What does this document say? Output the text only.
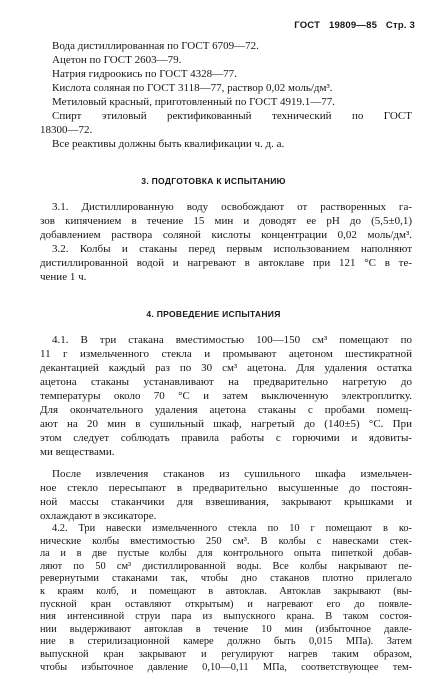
ГОСТ 19809—85 Стр. 3
Вода дистиллированная по ГОСТ 6709—72.
Ацетон по ГОСТ 2603—79.
Натрия гидроокись по ГОСТ 4328—77.
Кислота соляная по ГОСТ 3118—77, раствор 0,02 моль/дм³.
Метиловый красный, приготовленный по ГОСТ 4919.1—77.
Спирт этиловый ректификованный технический по ГОСТ
18300—72.
Все реактивы должны быть квалификации ч. д. а.
3. ПОДГОТОВКА К ИСПЫТАНИЮ
3.1. Дистиллированную воду освобождают от растворенных га-
зов кипячением в течение 15 мин и доводят ее pH до (5,5±0,1)
добавлением раствора соляной кислоты концентрации 0,02 моль/дм³.
3.2. Колбы и стаканы перед первым использованием наполняют
дистиллированной водой и нагревают в автоклаве при 121 °С в те-
чение 1 ч.
4. ПРОВЕДЕНИЕ ИСПЫТАНИЯ
4.1. В три стакана вместимостью 100—150 см³ помещают по
11 г измельченного стекла и промывают ацетоном шестикратной
декантацией каждый раз по 30 см³ ацетона. Для удаления остатка
ацетона стаканы устанавливают на предварительно нагретую до
температуры около 70 °С и затем выключенную электроплитку.
Для окончательного удаления ацетона стаканы с пробами помещ-
ают на 20 мин в сушильный шкаф, нагретый до (140±5) °С. При
этом следует соблюдать правила работы с горючими и ядовиты-
ми веществами.
После извлечения стаканов из сушильного шкафа измельчен-
ное стекло пересыпают в предварительно высушенные до постоян-
ной массы стаканчики для взвешивания, закрывают крышками и
охлаждают в эксикаторе.
4.2. Три навески измельченного стекла по 10 г помещают в ко-
нические колбы вместимостью 250 см³. В колбы с навесками стек-
ла и в две пустые колбы для контрольного опыта пипеткой добав-
ляют по 50 см³ дистиллированной воды. Все колбы накрывают пе-
ревернутыми стаканами так, чтобы дно стаканов плотно прилегало
к краям колб, и помещают в автоклав. Автоклав закрывают (вы-
пускной кран оставляют открытым) и нагревают его до появле-
ния интенсивной струи пара из выпускного крана. В таком состоя-
нии выдерживают автоклав в течение 10 мин (избыточное давле-
ние в стерилизационной камере должно быть 0,015 МПа). Затем
выпускной кран закрывают и регулируют нагрев таким образом,
чтобы избыточное давление 0,10—0,11 МПа, соответствующее тем-
